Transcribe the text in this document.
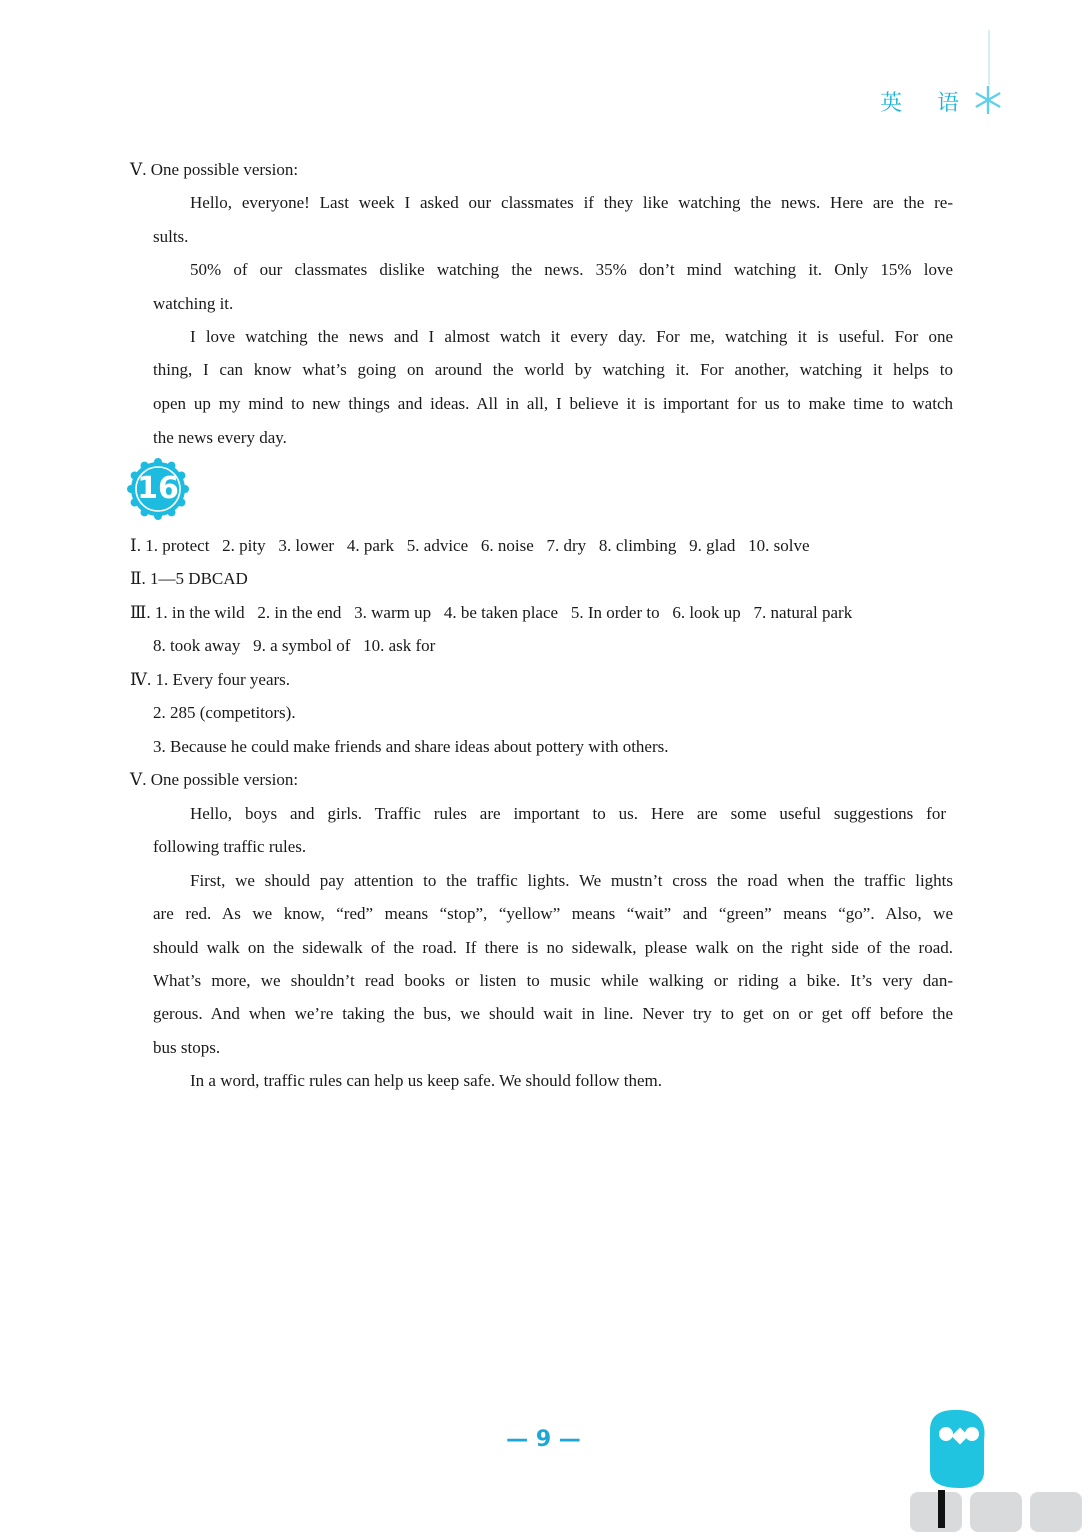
英 语
Ⅴ. One possible version:
Hello, everyone! Last week I asked our classmates if they like watching the news. Here are the re-
sults.
50% of our classmates dislike watching the news. 35% don’t mind watching it. Only 15% love
watching it.
I love watching the news and I almost watch it every day. For me, watching it is useful. For one
thing, I can know what’s going on around the world by watching it. For another, watching it helps to
open up my mind to new things and ideas. All in all, I believe it is important for us to make time to watch
the news every day.
16
Ⅰ. 1. protect   2. pity   3. lower   4. park   5. advice   6. noise   7. dry   8. climbing   9. glad   10. solve
Ⅱ. 1—5 DBCAD
Ⅲ. 1. in the wild   2. in the end   3. warm up   4. be taken place   5. In order to   6. look up   7. natural park
8. took away   9. a symbol of   10. ask for
Ⅳ. 1. Every four years.
2. 285 (competitors).
3. Because he could make friends and share ideas about pottery with others.
Ⅴ. One possible version:
Hello, boys and girls. Traffic rules are important to us. Here are some useful suggestions for
following traffic rules.
First, we should pay attention to the traffic lights. We mustn’t cross the road when the traffic lights
are red. As we know, “red” means “stop”, “yellow” means “wait” and “green” means “go”. Also, we
should walk on the sidewalk of the road. If there is no sidewalk, please walk on the right side of the road.
What’s more, we shouldn’t read books or listen to music while walking or riding a bike. It’s very dan-
gerous. And when we’re taking the bus, we should wait in line. Never try to get on or get off before the
bus stops.
In a word, traffic rules can help us keep safe. We should follow them.
— 9 —
